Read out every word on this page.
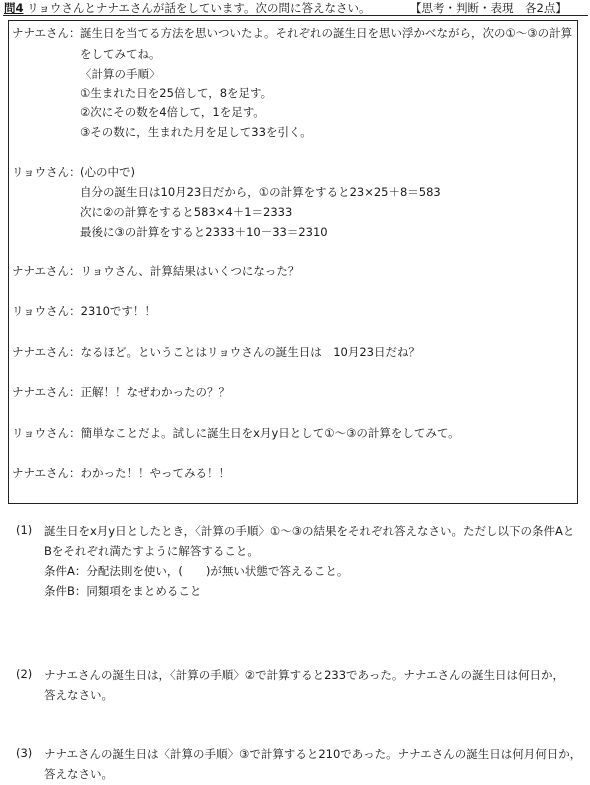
問4 リョウさんとナナエさんが話をしています。次の問に答えなさい。	【思考・判断・表現　各2点】
ナナエさん： 誕生日を当てる方法を思いついたよ。それぞれの誕生日を思い浮かべながら，次の①～③の計算
をしてみてね。
〈計算の手順〉
①生まれた日を25倍して，8を足す。
②次にその数を4倍して，1を足す。
③その数に，生まれた月を足して33を引く。
リョウさん： (心の中で)
自分の誕生日は10月23日だから，①の計算をすると23×25＋8＝583
次に②の計算をすると583×4＋1＝2333
最後に③の計算をすると2333＋10－33＝2310
ナナエさん：リョウさん、計算結果はいくつになった？
リョウさん：2310です！！
ナナエさん：なるほど。ということはリョウさんの誕生日は　10月23日だね？
ナナエさん：正解！！なぜわかったの？？
リョウさん：簡単なことだよ。試しに誕生日をx月y日として①～③の計算をしてみて。
ナナエさん：わかった！！やってみる！！
(1) 誕生日をx月y日としたとき，〈計算の手順〉①～③の結果をそれぞれ答えなさい。ただし以下の条件Aと
Bをそれぞれ満たすように解答すること。
条件A：分配法則を使い，(　　)が無い状態で答えること。
条件B：同類項をまとめること
(2) ナナエさんの誕生日は，〈計算の手順〉②で計算すると233であった。ナナエさんの誕生日は何日か，
答えなさい。
(3) ナナエさんの誕生日は〈計算の手順〉③で計算すると210であった。ナナエさんの誕生日は何月何日か，
答えなさい。
